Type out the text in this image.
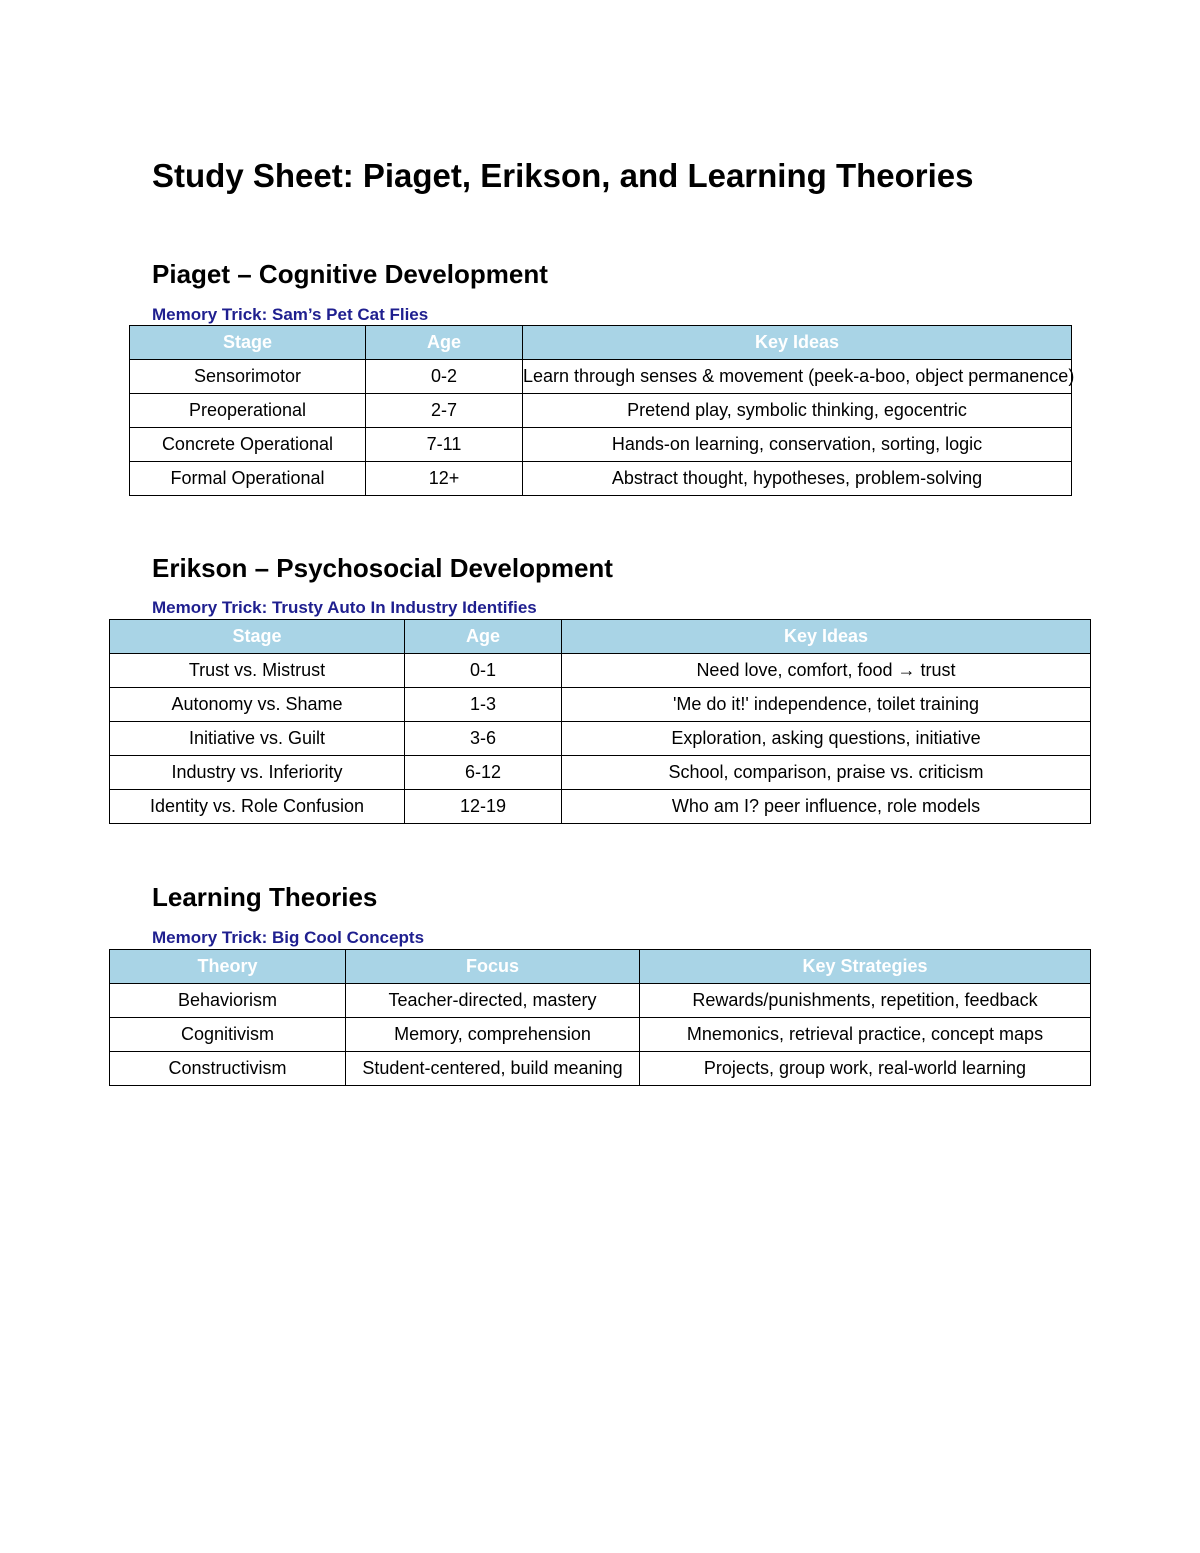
Study Sheet: Piaget, Erikson, and Learning Theories
Piaget – Cognitive Development
Memory Trick: Sam’s Pet Cat Flies
Stage	Age	Key Ideas
Sensorimotor	0-2	Learn through senses & movement (peek-a-boo, object permanence)
Preoperational	2-7	Pretend play, symbolic thinking, egocentric
Concrete Operational	7-11	Hands-on learning, conservation, sorting, logic
Formal Operational	12+	Abstract thought, hypotheses, problem-solving
Erikson – Psychosocial Development
Memory Trick: Trusty Auto In Industry Identifies
Stage	Age	Key Ideas
Trust vs. Mistrust	0-1	Need love, comfort, food → trust
Autonomy vs. Shame	1-3	'Me do it!' independence, toilet training
Initiative vs. Guilt	3-6	Exploration, asking questions, initiative
Industry vs. Inferiority	6-12	School, comparison, praise vs. criticism
Identity vs. Role Confusion	12-19	Who am I? peer influence, role models
Learning Theories
Memory Trick: Big Cool Concepts
Theory	Focus	Key Strategies
Behaviorism	Teacher-directed, mastery	Rewards/punishments, repetition, feedback
Cognitivism	Memory, comprehension	Mnemonics, retrieval practice, concept maps
Constructivism	Student-centered, build meaning	Projects, group work, real-world learning
